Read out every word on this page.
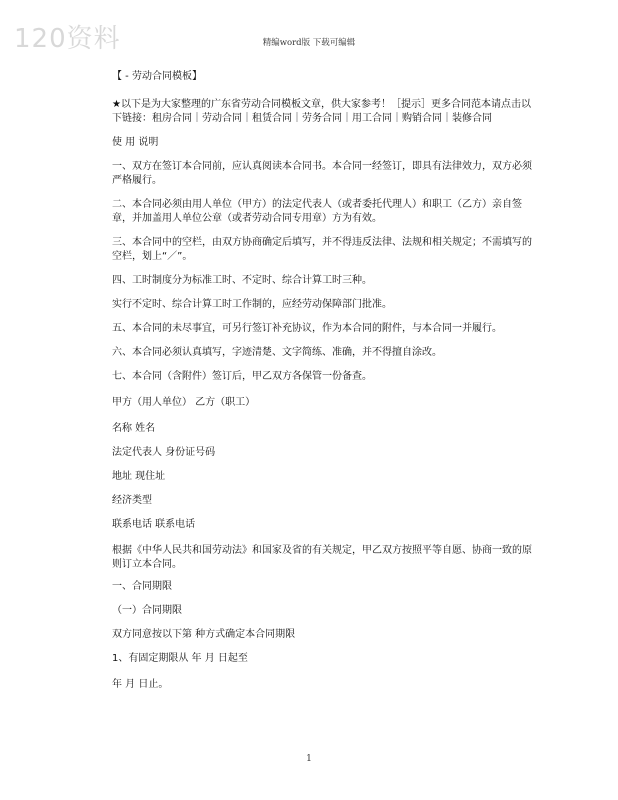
120资料	精编word版 下载可编辑

【 - 劳动合同模板】

★以下是为大家整理的广东省劳动合同模板文章，供大家参考！［提示］更多合同范本请点击以下链接：租房合同｜劳动合同｜租赁合同｜劳务合同｜用工合同｜购销合同｜装修合同

使 用 说明

一、双方在签订本合同前，应认真阅读本合同书。本合同一经签订，即具有法律效力，双方必须严格履行。

二、本合同必须由用人单位（甲方）的法定代表人（或者委托代理人）和职工（乙方）亲自签章，并加盖用人单位公章（或者劳动合同专用章）方为有效。

三、本合同中的空栏，由双方协商确定后填写，并不得违反法律、法规和相关规定；不需填写的空栏，划上“／”。

四、工时制度分为标准工时、不定时、综合计算工时三种。

实行不定时、综合计算工时工作制的，应经劳动保障部门批准。

五、本合同的未尽事宜，可另行签订补充协议，作为本合同的附件，与本合同一并履行。

六、本合同必须认真填写，字迹清楚、文字简练、准确，并不得擅自涂改。

七、本合同（含附件）签订后，甲乙双方各保管一份备查。

甲方（用人单位） 乙方（职工）

名称 姓名

法定代表人 身份证号码

地址 现住址

经济类型

联系电话 联系电话

根据《中华人民共和国劳动法》和国家及省的有关规定，甲乙双方按照平等自愿、协商一致的原则订立本合同。

一、合同期限

（一）合同期限

双方同意按以下第 种方式确定本合同期限

1、有固定期限从 年 月 日起至

年 月 日止。

1
